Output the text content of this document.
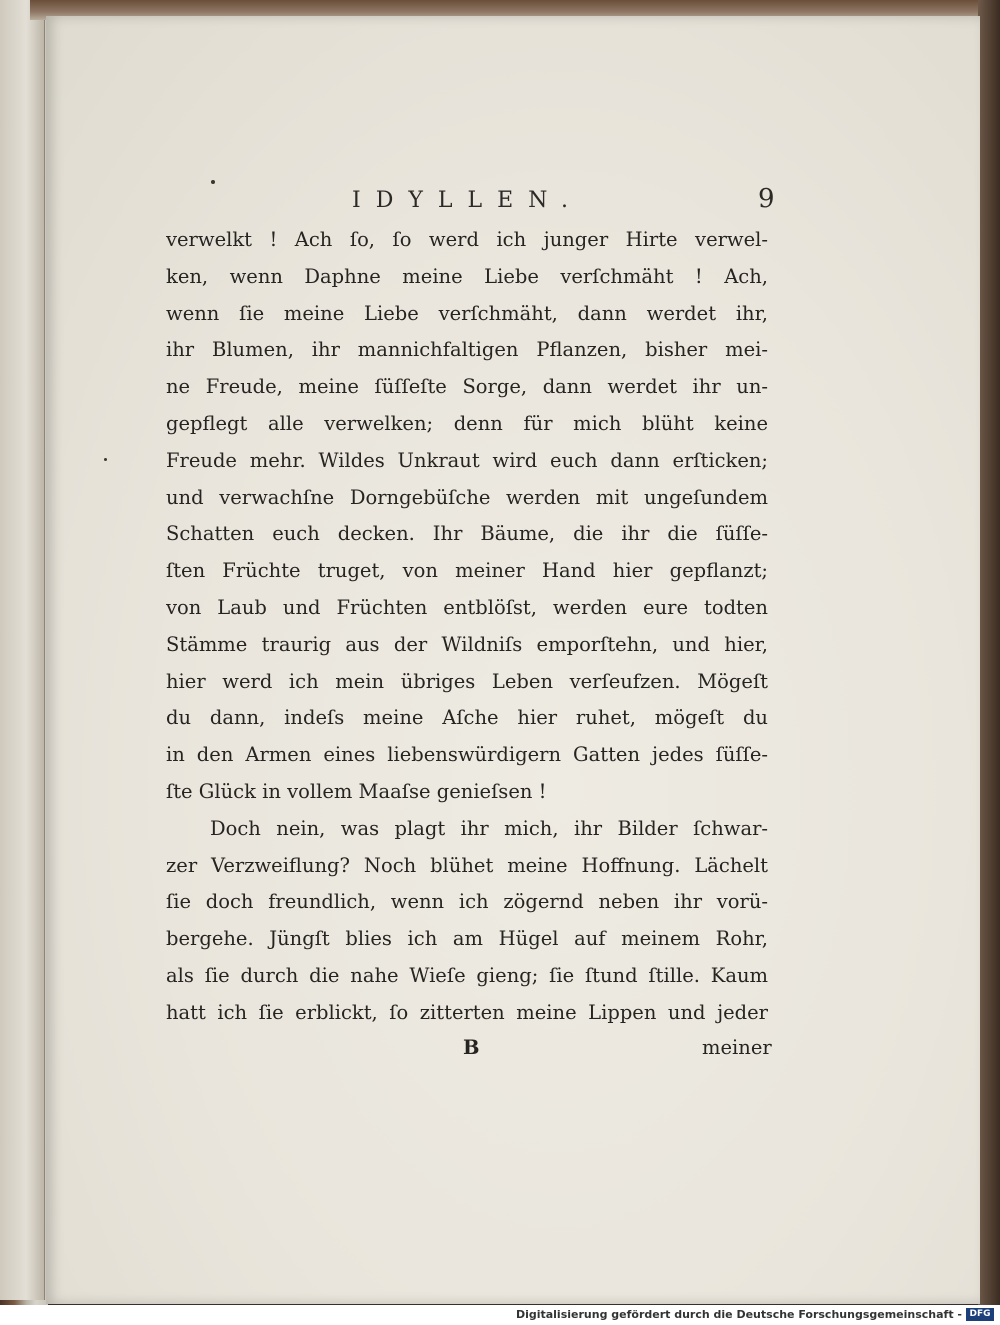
IDYLLEN.	9
verwelkt ! Ach ſo, ſo werd ich junger Hirte verwel-
ken, wenn Daphne meine Liebe verſchmäht ! Ach,
wenn ſie meine Liebe verſchmäht, dann werdet ihr,
ihr Blumen, ihr mannichfaltigen Pflanzen, bisher mei-
ne Freude, meine ſüſſeſte Sorge, dann werdet ihr un-
gepflegt alle verwelken; denn für mich blüht keine
Freude mehr. Wildes Unkraut wird euch dann erſticken;
und verwachſne Dorngebüſche werden mit ungeſundem
Schatten euch decken. Ihr Bäume, die ihr die ſüſſe-
ſten Früchte truget, von meiner Hand hier gepflanzt;
von Laub und Früchten entblöſst, werden eure todten
Stämme traurig aus der Wildniſs emporſtehn, und hier,
hier werd ich mein übriges Leben verſeufzen. Mögeſt
du dann, indeſs meine Aſche hier ruhet, mögeſt du
in den Armen eines liebenswürdigern Gatten jedes ſüſſe-
ſte Glück in vollem Maaſse genieſsen !
Doch nein, was plagt ihr mich, ihr Bilder ſchwar-
zer Verzweiflung? Noch blühet meine Hoffnung. Lächelt
ſie doch freundlich, wenn ich zögernd neben ihr vorü-
bergehe. Jüngſt blies ich am Hügel auf meinem Rohr,
als ſie durch die nahe Wieſe gieng; ſie ſtund ſtille. Kaum
hatt ich ſie erblickt, ſo zitterten meine Lippen und jeder
B	meiner
Digitalisierung gefördert durch die Deutsche Forschungsgemeinschaft - DFG
